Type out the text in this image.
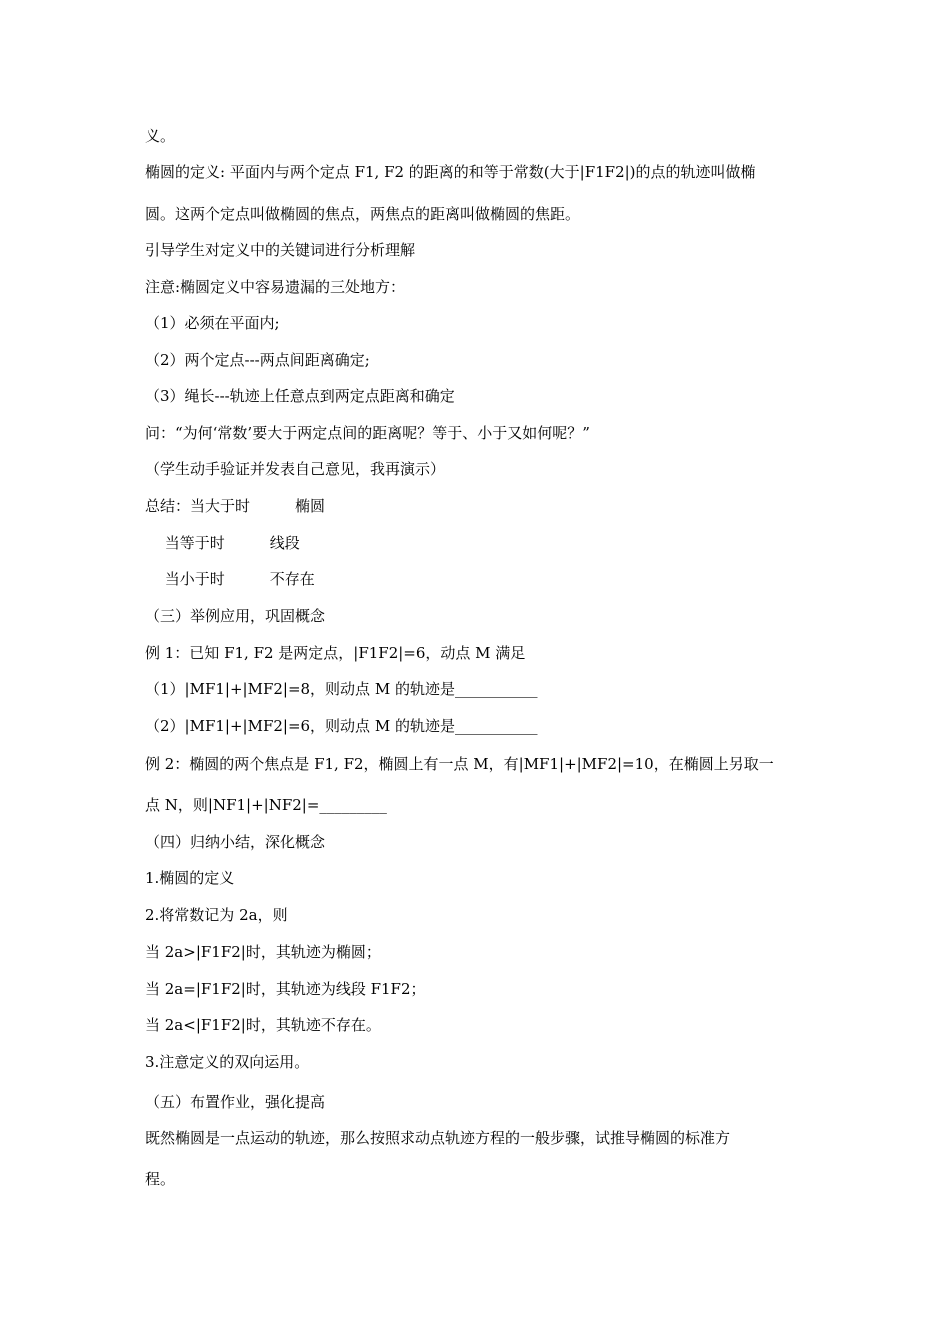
义。
椭圆的定义: 平面内与两个定点 F1, F2 的距离的和等于常数(大于|F1F2|)的点的轨迹叫做椭
圆。这两个定点叫做椭圆的焦点，两焦点的距离叫做椭圆的焦距。
引导学生对定义中的关键词进行分析理解
注意:椭圆定义中容易遗漏的三处地方：
（1）必须在平面内;
（2）两个定点---两点间距离确定;
（3）绳长---轨迹上任意点到两定点距离和确定
问：“为何‘常数’要大于两定点间的距离呢？等于、小于又如何呢？”
（学生动手验证并发表自己意见，我再演示）
总结：当大于时　　　椭圆
　 当等于时　　　线段
　 当小于时　　　不存在
（三）举例应用，巩固概念
例 1：已知 F1, F2 是两定点，|F1F2|=6，动点 M 满足
（1）|MF1|+|MF2|=8，则动点 M 的轨迹是___________
（2）|MF1|+|MF2|=6，则动点 M 的轨迹是___________
例 2：椭圆的两个焦点是 F1, F2，椭圆上有一点 M，有|MF1|+|MF2|=10，在椭圆上另取一
点 N，则|NF1|+|NF2|=_________
（四）归纳小结，深化概念
1.椭圆的定义
2.将常数记为 2a，则
当 2a>|F1F2|时，其轨迹为椭圆；
当 2a=|F1F2|时，其轨迹为线段 F1F2；
当 2a<|F1F2|时，其轨迹不存在。
3.注意定义的双向运用。
（五）布置作业，强化提高
既然椭圆是一点运动的轨迹，那么按照求动点轨迹方程的一般步骤，试推导椭圆的标准方
程。
